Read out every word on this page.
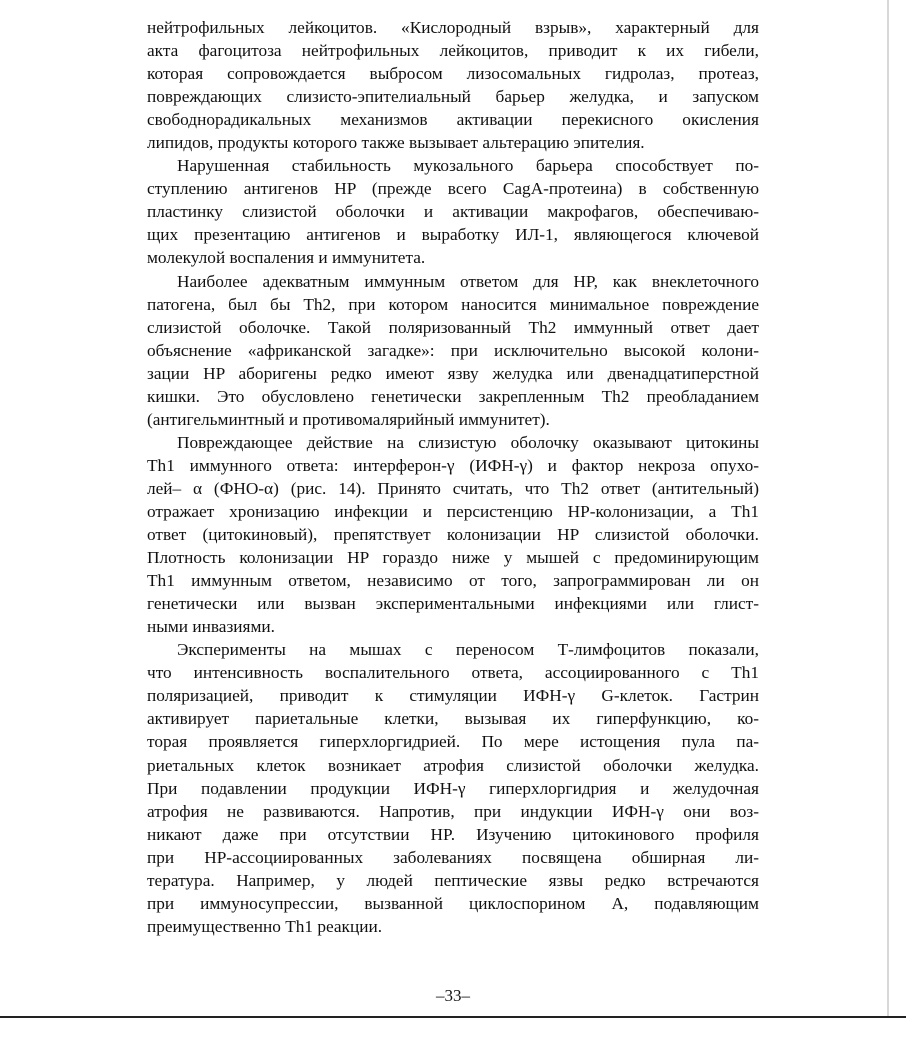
нейтрофильных лейкоцитов. «Кислородный взрыв», характерный для
акта фагоцитоза нейтрофильных лейкоцитов, приводит к их гибели,
которая сопровождается выбросом лизосомальных гидролаз, протеаз,
повреждающих слизисто-эпителиальный барьер желудка, и запуском
свободнорадикальных механизмов активации перекисного окисления
липидов, продукты которого также вызывает альтерацию эпителия.
Нарушенная стабильность мукозального барьера способствует по-
ступлению антигенов HP (прежде всего CagA-протеина) в собственную
пластинку слизистой оболочки и активации макрофагов, обеспечиваю-
щих презентацию антигенов и выработку ИЛ-1, являющегося ключевой
молекулой воспаления и иммунитета.
Наиболее адекватным иммунным ответом для HP, как внеклеточного
патогена, был бы Th2, при котором наносится минимальное повреждение
слизистой оболочке. Такой поляризованный Th2 иммунный ответ дает
объяснение «африканской загадке»: при исключительно высокой колони-
зации HP аборигены редко имеют язву желудка или двенадцатиперстной
кишки. Это обусловлено генетически закрепленным Th2 преобладанием
(антигельминтный и противомалярийный иммунитет).
Повреждающее действие на слизистую оболочку оказывают цитокины
Th1 иммунного ответа: интерферон-γ (ИФН-γ) и фактор некроза опухо-
лей– α (ФНО-α) (рис. 14). Принято считать, что Th2 ответ (антительный)
отражает хронизацию инфекции и персистенцию HP-колонизации, а Th1
ответ (цитокиновый), препятствует колонизации HP слизистой оболочки.
Плотность колонизации HP гораздо ниже у мышей с предоминирующим
Th1 иммунным ответом, независимо от того, запрограммирован ли он
генетически или вызван экспериментальными инфекциями или глист-
ными инвазиями.
Эксперименты на мышах с переносом Т-лимфоцитов показали,
что интенсивность воспалительного ответа, ассоциированного с Th1
поляризацией, приводит к стимуляции ИФН-γ G-клеток. Гастрин
активирует париетальные клетки, вызывая их гиперфункцию, ко-
торая проявляется гиперхлоргидрией. По мере истощения пула па-
риетальных клеток возникает атрофия слизистой оболочки желудка.
При подавлении продукции ИФН-γ гиперхлоргидрия и желудочная
атрофия не развиваются. Напротив, при индукции ИФН-γ они воз-
никают даже при отсутствии HP. Изучению цитокинового профиля
при HP-ассоциированных заболеваниях посвящена обширная ли-
тература. Например, у людей пептические язвы редко встречаются
при иммуносупрессии, вызванной циклоспорином А, подавляющим
преимущественно Th1 реакции.
–33–
